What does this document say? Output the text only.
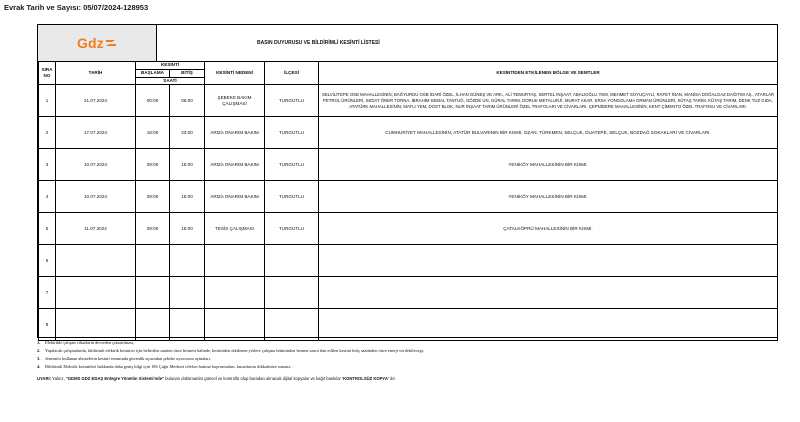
Evrak Tarih ve Sayısı: 05/07/2024-128953
Gdz	BASIN DUYURUSU VE BİLDİRİMLİ KESİNTİ LİSTESİ
SIRA NO	TARİH	KESİNTİ		KESİNTİ NEDENİ	İLÇESİ	KESİNTİDEN ETKİLENEN BÖLGE VE SEMTLER
		BAŞLAMA	BİTİŞ			
		SAATİ				
1	21.07.2024	00:00	06:00	ŞEBEKE BAKIM ÇALIŞMASI	TURGUTLU	SELVİLİTEPE OSB MAHALLESİNİN; BAĞYURDU OSB İDARİ ÖZEL, İLHAN GÜNEŞ VE ARK., ALİ TEMURTAŞ, SERTEL İNŞAAT, ABALIOĞLU YEM, MEHMET SOYUÇAYLI, RAFET İNAN, MANİSA DOĞALGAZ DAĞITIM AŞ., ATARLAR PETROL ÜRÜNLERİ, SEDAT ÖNER TORNA, İBRAHİM KEMAL TANTUĞ, GÖZDE UN, GÜRAL TARIM, DORUK METALURJİ, MURAT AKAR, ERSA YONGOLAMA ORMAN ÜRÜNLERİ, KÜTAŞ TARIM, KÜTAŞ TARIM, DENK TUZ GIDA, ATATÜRK MAHALLESİNİN; MATLI YEM, DOST BLOK, NUR İNŞAAT TARIM ÜRÜNLERİ ÖZEL TRAFOLARI VE CİVARLARI. ÇEPNİDERE MAHALLESİNİN; KENT ÇİMENTO ÖZEL TRAFOSU VE CİVARLARI.
2	17.07.2024	18:00	23:00	ARIZA ONARIM BAKIM	TURGUTLU	CUMHURİYET MAHALLESİNİN; ATATÜR BULVARININ BİR KISMI, OZAN, TÜRKMEN, SELÇUK, DUATEPE, SELÇUK, BOZDAĞ SOKAKLARI VE CİVARLARI.
3	10.07.2024	09:00	15:00	ARIZA ONARIM BAKIM	TURGUTLU	YENİKÖY MAHALLESİNİN BİR KISMI.
4	10.07.2024	09:00	15:00	ARIZA ONARIM BAKIM	TURGUTLU	YENİKÖY MAHALLESİNİN BİR KISMI.
5	11.07.2024	09:00	15:00	TESİS ÇALIŞMASI	TURGUTLU	ÇATALKÖPRÜ MAHALLESİNİN BİR KISMI.
6						
7						
8						
1.	Elektrikle çalışan cihazlarin devreden çıkartılması,
2.	Yapılacak çalışmalarda, bildirimli elektrik kesintisi için belirtilen saatten önce bitmesi halinde, kesintiden etkilenen yerlere çalışma bitiminden hemen sonra ilan edilen kesinti bitiş saatinden önce enerji verilebilecegi,
3.	Jeneratör kullanan abonelerin kesinti esnasında güvenlik açısından şebeke ayırıcısını açmaları,
4.	Bildirimli Elektrik kesintileri hakkında daha geniş bilgi için 186 Çağrı Merkezi telefon hattına başvurmaları, hususlarını dikkatinize sunarız.
UYARI: Yalnız, "GDMS GDZ EDAŞ Entegre Yönetim Sistemi'nde" bulunan dokümanlar güncel ve kontrollü olup buradan alınacak dijital kopyalar ve kağıt baskılar 'KONTROLSÜZ KOPYA' dır.
